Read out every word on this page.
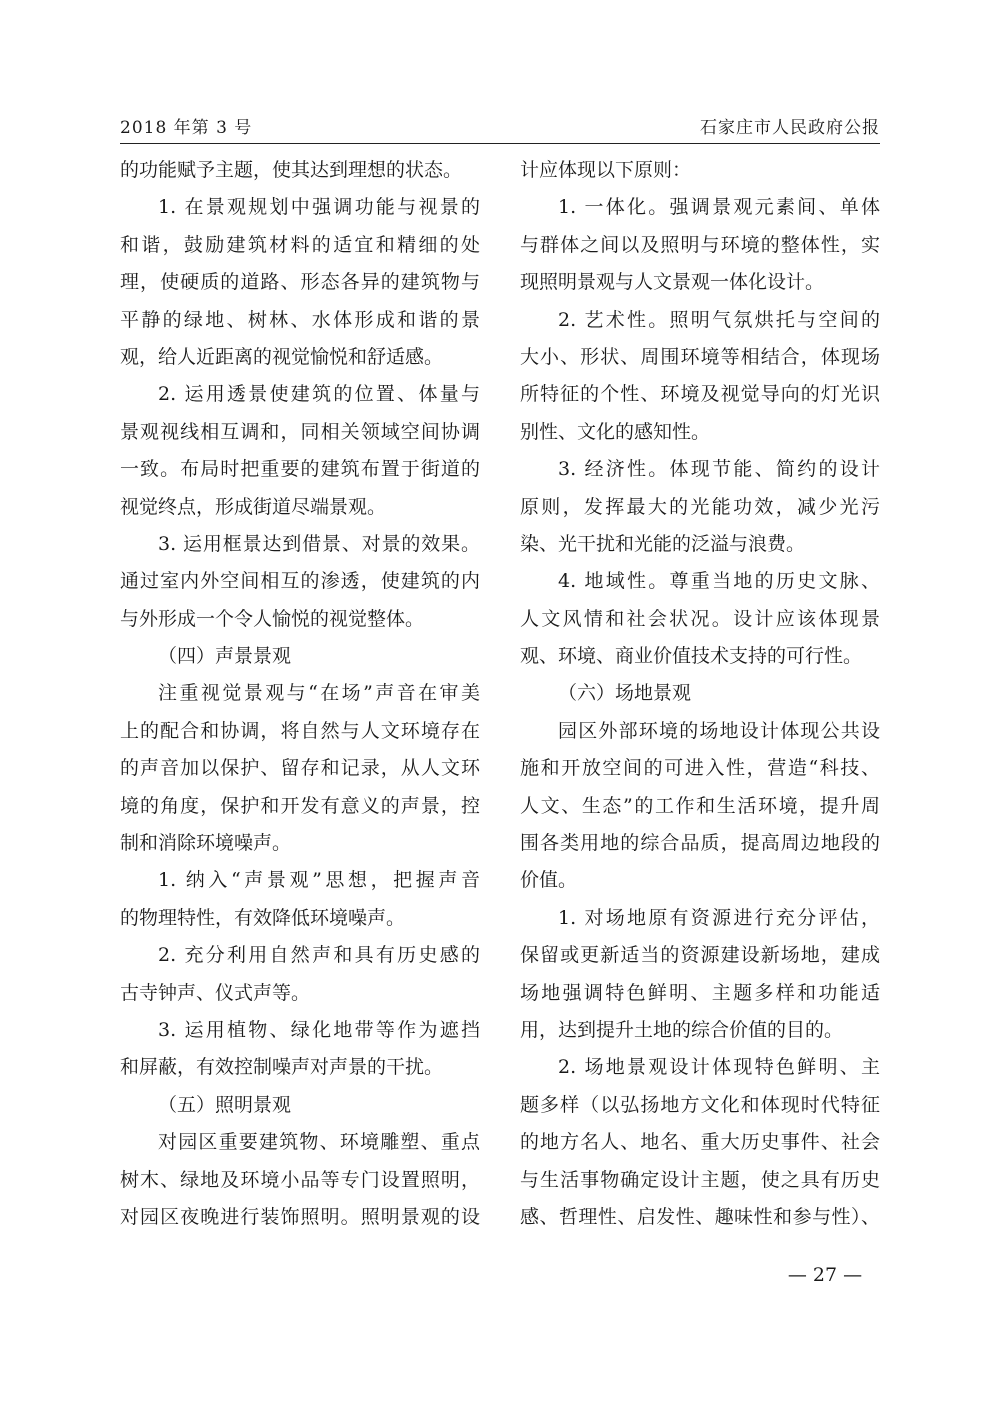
2018 年第 3 号	石家庄市人民政府公报
的功能赋予主题，使其达到理想的状态。
1. 在景观规划中强调功能与视景的
和谐，鼓励建筑材料的适宜和精细的处
理，使硬质的道路、形态各异的建筑物与
平静的绿地、树林、水体形成和谐的景
观，给人近距离的视觉愉悦和舒适感。
2. 运用透景使建筑的位置、体量与
景观视线相互调和，同相关领域空间协调
一致。布局时把重要的建筑布置于街道的
视觉终点，形成街道尽端景观。
3. 运用框景达到借景、对景的效果。
通过室内外空间相互的渗透，使建筑的内
与外形成一个令人愉悦的视觉整体。
（四）声景景观
注重视觉景观与“在场”声音在审美
上的配合和协调，将自然与人文环境存在
的声音加以保护、留存和记录，从人文环
境的角度，保护和开发有意义的声景，控
制和消除环境噪声。
1. 纳入“声景观”思想，把握声音
的物理特性，有效降低环境噪声。
2. 充分利用自然声和具有历史感的
古寺钟声、仪式声等。
3. 运用植物、绿化地带等作为遮挡
和屏蔽，有效控制噪声对声景的干扰。
（五）照明景观
对园区重要建筑物、环境雕塑、重点
树木、绿地及环境小品等专门设置照明，
对园区夜晚进行装饰照明。照明景观的设
计应体现以下原则：
1. 一体化。强调景观元素间、单体
与群体之间以及照明与环境的整体性，实
现照明景观与人文景观一体化设计。
2. 艺术性。照明气氛烘托与空间的
大小、形状、周围环境等相结合，体现场
所特征的个性、环境及视觉导向的灯光识
别性、文化的感知性。
3. 经济性。体现节能、简约的设计
原则，发挥最大的光能功效，减少光污
染、光干扰和光能的泛溢与浪费。
4. 地域性。尊重当地的历史文脉、
人文风情和社会状况。设计应该体现景
观、环境、商业价值技术支持的可行性。
（六）场地景观
园区外部环境的场地设计体现公共设
施和开放空间的可进入性，营造“科技、
人文、生态”的工作和生活环境，提升周
围各类用地的综合品质，提高周边地段的
价值。
1. 对场地原有资源进行充分评估，
保留或更新适当的资源建设新场地，建成
场地强调特色鲜明、主题多样和功能适
用，达到提升土地的综合价值的目的。
2. 场地景观设计体现特色鲜明、主
题多样（以弘扬地方文化和体现时代特征
的地方名人、地名、重大历史事件、社会
与生活事物确定设计主题，使之具有历史
感、哲理性、启发性、趣味性和参与性）、
— 27 —
